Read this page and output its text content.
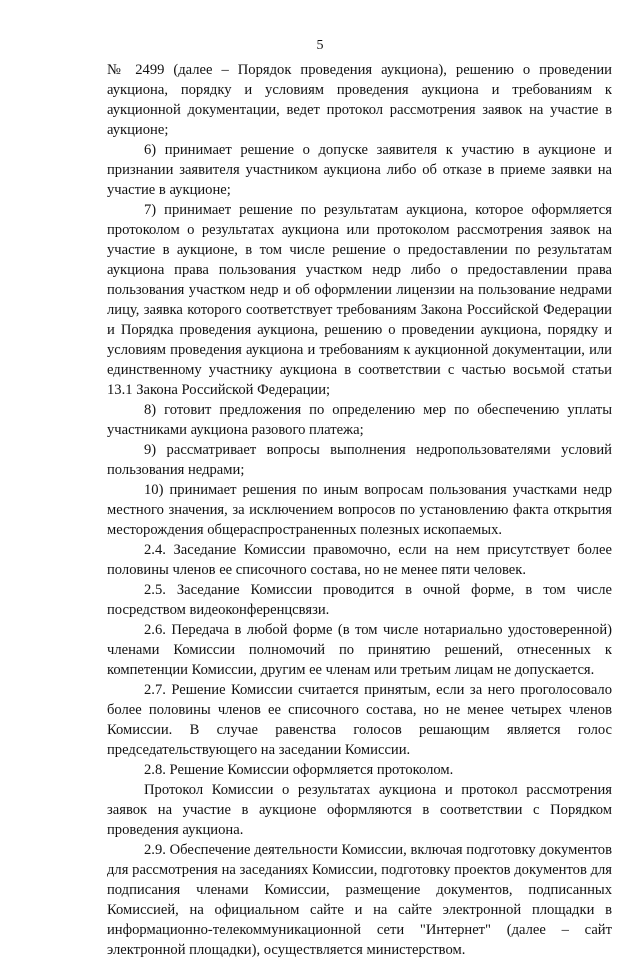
5

№ 2499 (далее – Порядок проведения аукциона), решению о проведении аукциона, порядку и условиям проведения аукциона и требованиям к аукционной документации, ведет протокол рассмотрения заявок на участие в аукционе;

6) принимает решение о допуске заявителя к участию в аукционе и признании заявителя участником аукциона либо об отказе в приеме заявки на участие в аукционе;

7) принимает решение по результатам аукциона, которое оформляется протоколом о результатах аукциона или протоколом рассмотрения заявок на участие в аукционе, в том числе решение о предоставлении по результатам аукциона права пользования участком недр либо о предоставлении права пользования участком недр и об оформлении лицензии на пользование недрами лицу, заявка которого соответствует требованиям Закона Российской Федерации и Порядка проведения аукциона, решению о проведении аукциона, порядку и условиям проведения аукциона и требованиям к аукционной документации, или единственному участнику аукциона в соответствии с частью восьмой статьи 13.1 Закона Российской Федерации;

8) готовит предложения по определению мер по обеспечению уплаты участниками аукциона разового платежа;

9) рассматривает вопросы выполнения недропользователями условий пользования недрами;

10) принимает решения по иным вопросам пользования участками недр местного значения, за исключением вопросов по установлению факта открытия месторождения общераспространенных полезных ископаемых.

2.4. Заседание Комиссии правомочно, если на нем присутствует более половины членов ее списочного состава, но не менее пяти человек.

2.5. Заседание Комиссии проводится в очной форме, в том числе посредством видеоконференцсвязи.

2.6. Передача в любой форме (в том числе нотариально удостоверенной) членами Комиссии полномочий по принятию решений, отнесенных к компетенции Комиссии, другим ее членам или третьим лицам не допускается.

2.7. Решение Комиссии считается принятым, если за него проголосовало более половины членов ее списочного состава, но не менее четырех членов Комиссии. В случае равенства голосов решающим является голос председательствующего на заседании Комиссии.

2.8. Решение Комиссии оформляется протоколом.

Протокол Комиссии о результатах аукциона и протокол рассмотрения заявок на участие в аукционе оформляются в соответствии с Порядком проведения аукциона.

2.9. Обеспечение деятельности Комиссии, включая подготовку документов для рассмотрения на заседаниях Комиссии, подготовку проектов документов для подписания членами Комиссии, размещение документов, подписанных Комиссией, на официальном сайте и на сайте электронной площадки в информационно-телекоммуникационной сети "Интернет" (далее – сайт электронной площадки), осуществляется министерством.
